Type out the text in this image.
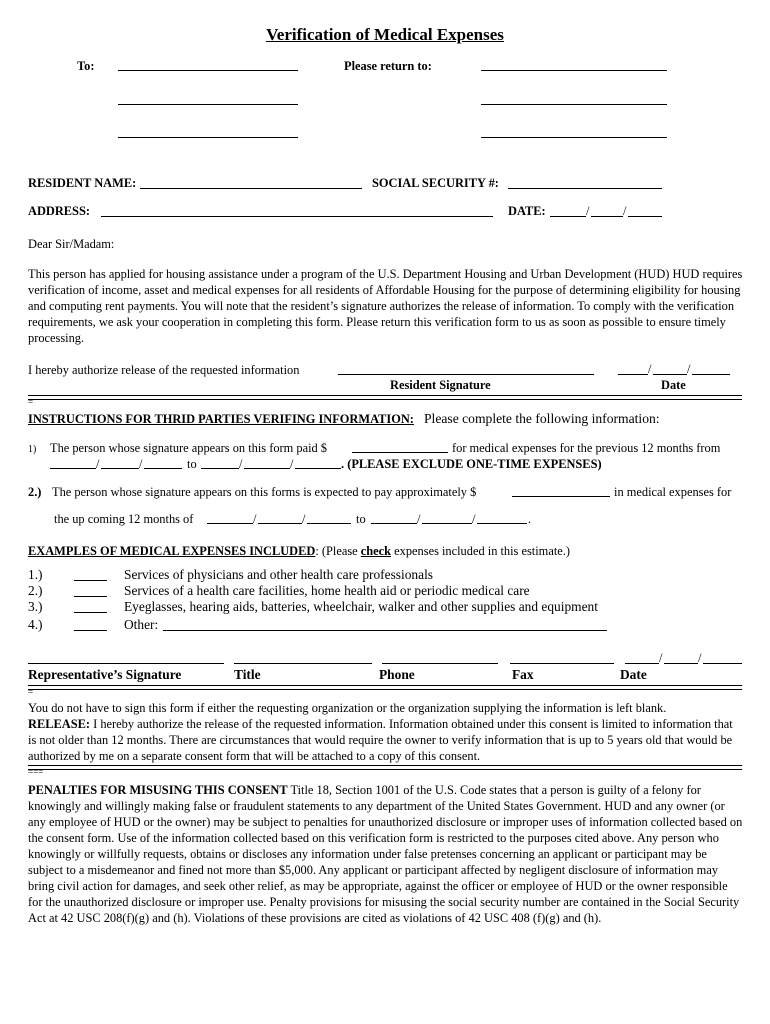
Verification of Medical Expenses
To:	Please return to:
RESIDENT NAME:	SOCIAL SECURITY #:
ADDRESS:	DATE:	/	/
Dear Sir/Madam:
This person has applied for housing assistance under a program of the U.S. Department Housing and Urban Development (HUD) HUD requires verification of income, asset and medical expenses for all residents of Affordable Housing for the purpose of determining eligibility for housing and computing rent payments. You will note that the resident’s signature authorizes the release of information. To comply with the verification requirements, we ask your cooperation in completing this form. Please return this verification form to us as soon as possible to ensure timely processing.
I hereby authorize release of the requested information	/	/
Resident Signature	Date
=
INSTRUCTIONS FOR THRID PARTIES VERIFING INFORMATION: Please complete the following information:
1) The person whose signature appears on this form paid $	for medical expenses for the previous 12 months from
/	/	to	/	/	. (PLEASE EXCLUDE ONE-TIME EXPENSES)
2.) The person whose signature appears on this forms is expected to pay approximately $	in medical expenses for
the up coming 12 months of	/	/	to	/	/	.
EXAMPLES OF MEDICAL EXPENSES INCLUDED: (Please check expenses included in this estimate.)
1.)	Services of physicians and other health care professionals
2.)	Services of a health care facilities, home health aid or periodic medical care
3.)	Eyeglasses, hearing aids, batteries, wheelchair, walker and other supplies and equipment
4.)	Other:
/	/
Representative’s Signature	Title	Phone	Fax	Date
=
You do not have to sign this form if either the requesting organization or the organization supplying the information is left blank.
RELEASE: I hereby authorize the release of the requested information. Information obtained under this consent is limited to information that is not older than 12 months. There are circumstances that would require the owner to verify information that is up to 5 years old that would be authorized by me on a separate consent form that will be attached to a copy of this consent.
===
PENALTIES FOR MISUSING THIS CONSENT Title 18, Section 1001 of the U.S. Code states that a person is guilty of a felony for knowingly and willingly making false or fraudulent statements to any department of the United States Government. HUD and any owner (or any employee of HUD or the owner) may be subject to penalties for unauthorized disclosure or improper uses of information collected based on the consent form. Use of the information collected based on this verification form is restricted to the purposes cited above. Any person who knowingly or willfully requests, obtains or discloses any information under false pretenses concerning an applicant or participant may be subject to a misdemeanor and fined not more than $5,000. Any applicant or participant affected by negligent disclosure of information may bring civil action for damages, and seek other relief, as may be appropriate, against the officer or employee of HUD or the owner responsible for the unauthorized disclosure or improper use. Penalty provisions for misusing the social security number are contained in the Social Security Act at 42 USC 208(f)(g) and (h). Violations of these provisions are cited as violations of 42 USC 408 (f)(g) and (h).
